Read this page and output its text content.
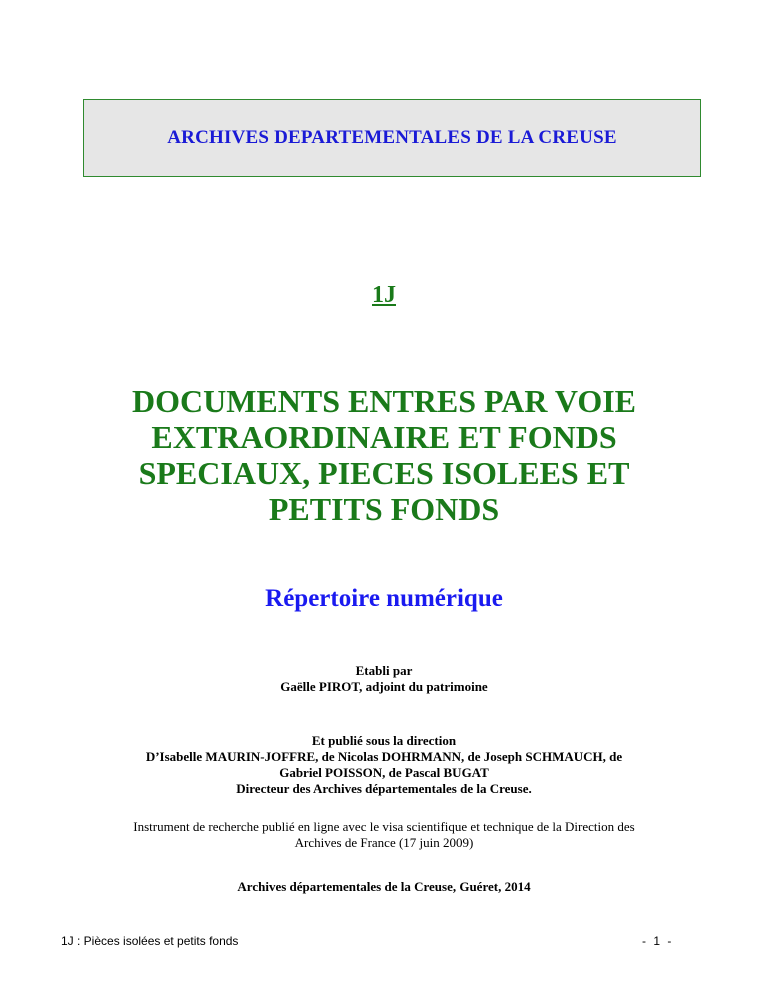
ARCHIVES DEPARTEMENTALES DE LA CREUSE
1J
DOCUMENTS ENTRES PAR VOIE
EXTRAORDINAIRE ET FONDS
SPECIAUX, PIECES ISOLEES ET
PETITS FONDS
Répertoire numérique
Etabli par
Gaëlle PIROT, adjoint du patrimoine
Et publié sous la direction
D’Isabelle MAURIN-JOFFRE, de Nicolas DOHRMANN, de Joseph SCHMAUCH, de
Gabriel POISSON, de Pascal BUGAT
Directeur des Archives départementales de la Creuse.
Instrument de recherche publié en ligne avec le visa scientifique et technique de la Direction des
Archives de France (17 juin 2009)
Archives départementales de la Creuse, Guéret, 2014
1J : Pièces isolées et petits fonds	- 1 -
